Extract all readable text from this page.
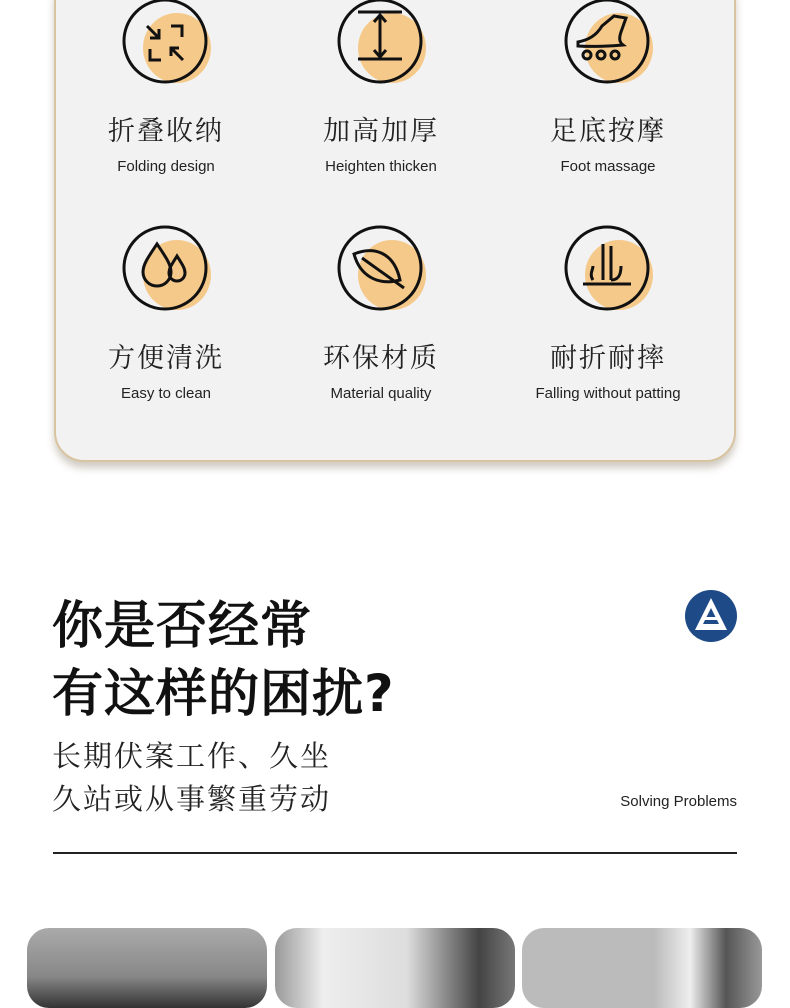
折叠收纳
Folding design
加高加厚
Heighten thicken
足底按摩
Foot massage
方便清洗
Easy to clean
环保材质
Material quality
耐折耐摔
Falling without patting
你是否经常
有这样的困扰?
长期伏案工作、久坐
久站或从事繁重劳动	Solving Problems
